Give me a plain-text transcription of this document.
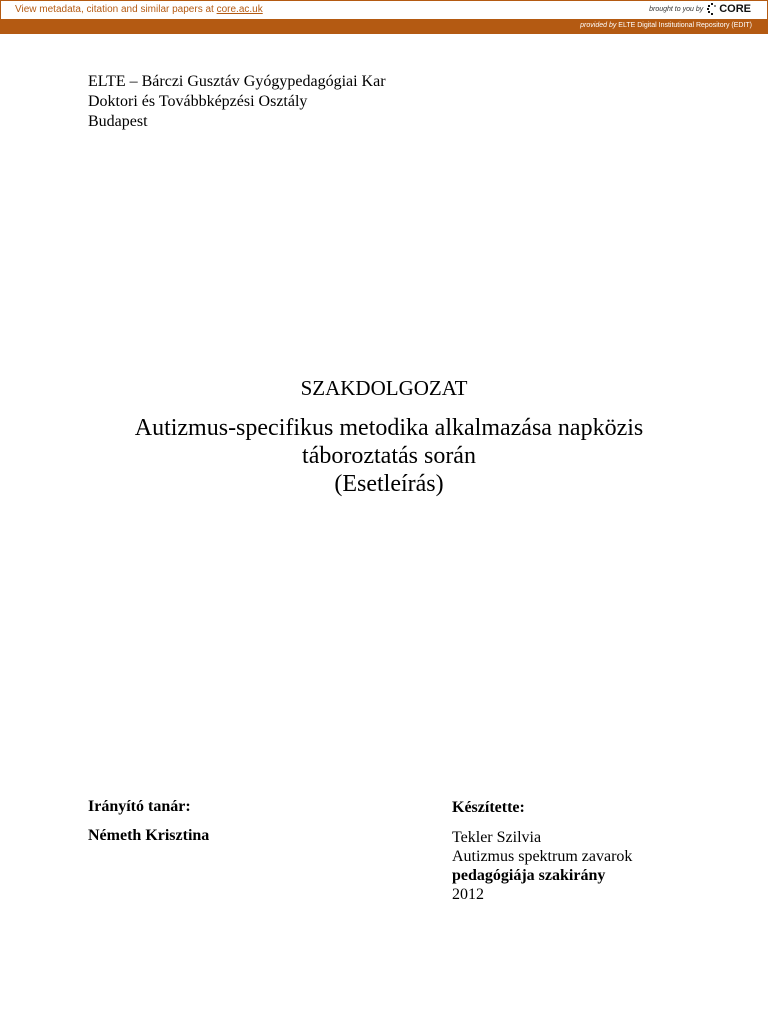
View metadata, citation and similar papers at core.ac.uk	brought to you by CORE
provided by ELTE Digital Institutional Repository (EDIT)
ELTE – Bárczi Gusztáv Gyógypedagógiai Kar
Doktori és Továbbképzési Osztály
Budapest
SZAKDOLGOZAT
Autizmus-specifikus metodika alkalmazása napközis
táboroztatás során
(Esetleírás)
Irányító tanár:
Németh Krisztina
Készítette:
Tekler Szilvia
Autizmus spektrum zavarok
pedagógiája szakirány
2012
